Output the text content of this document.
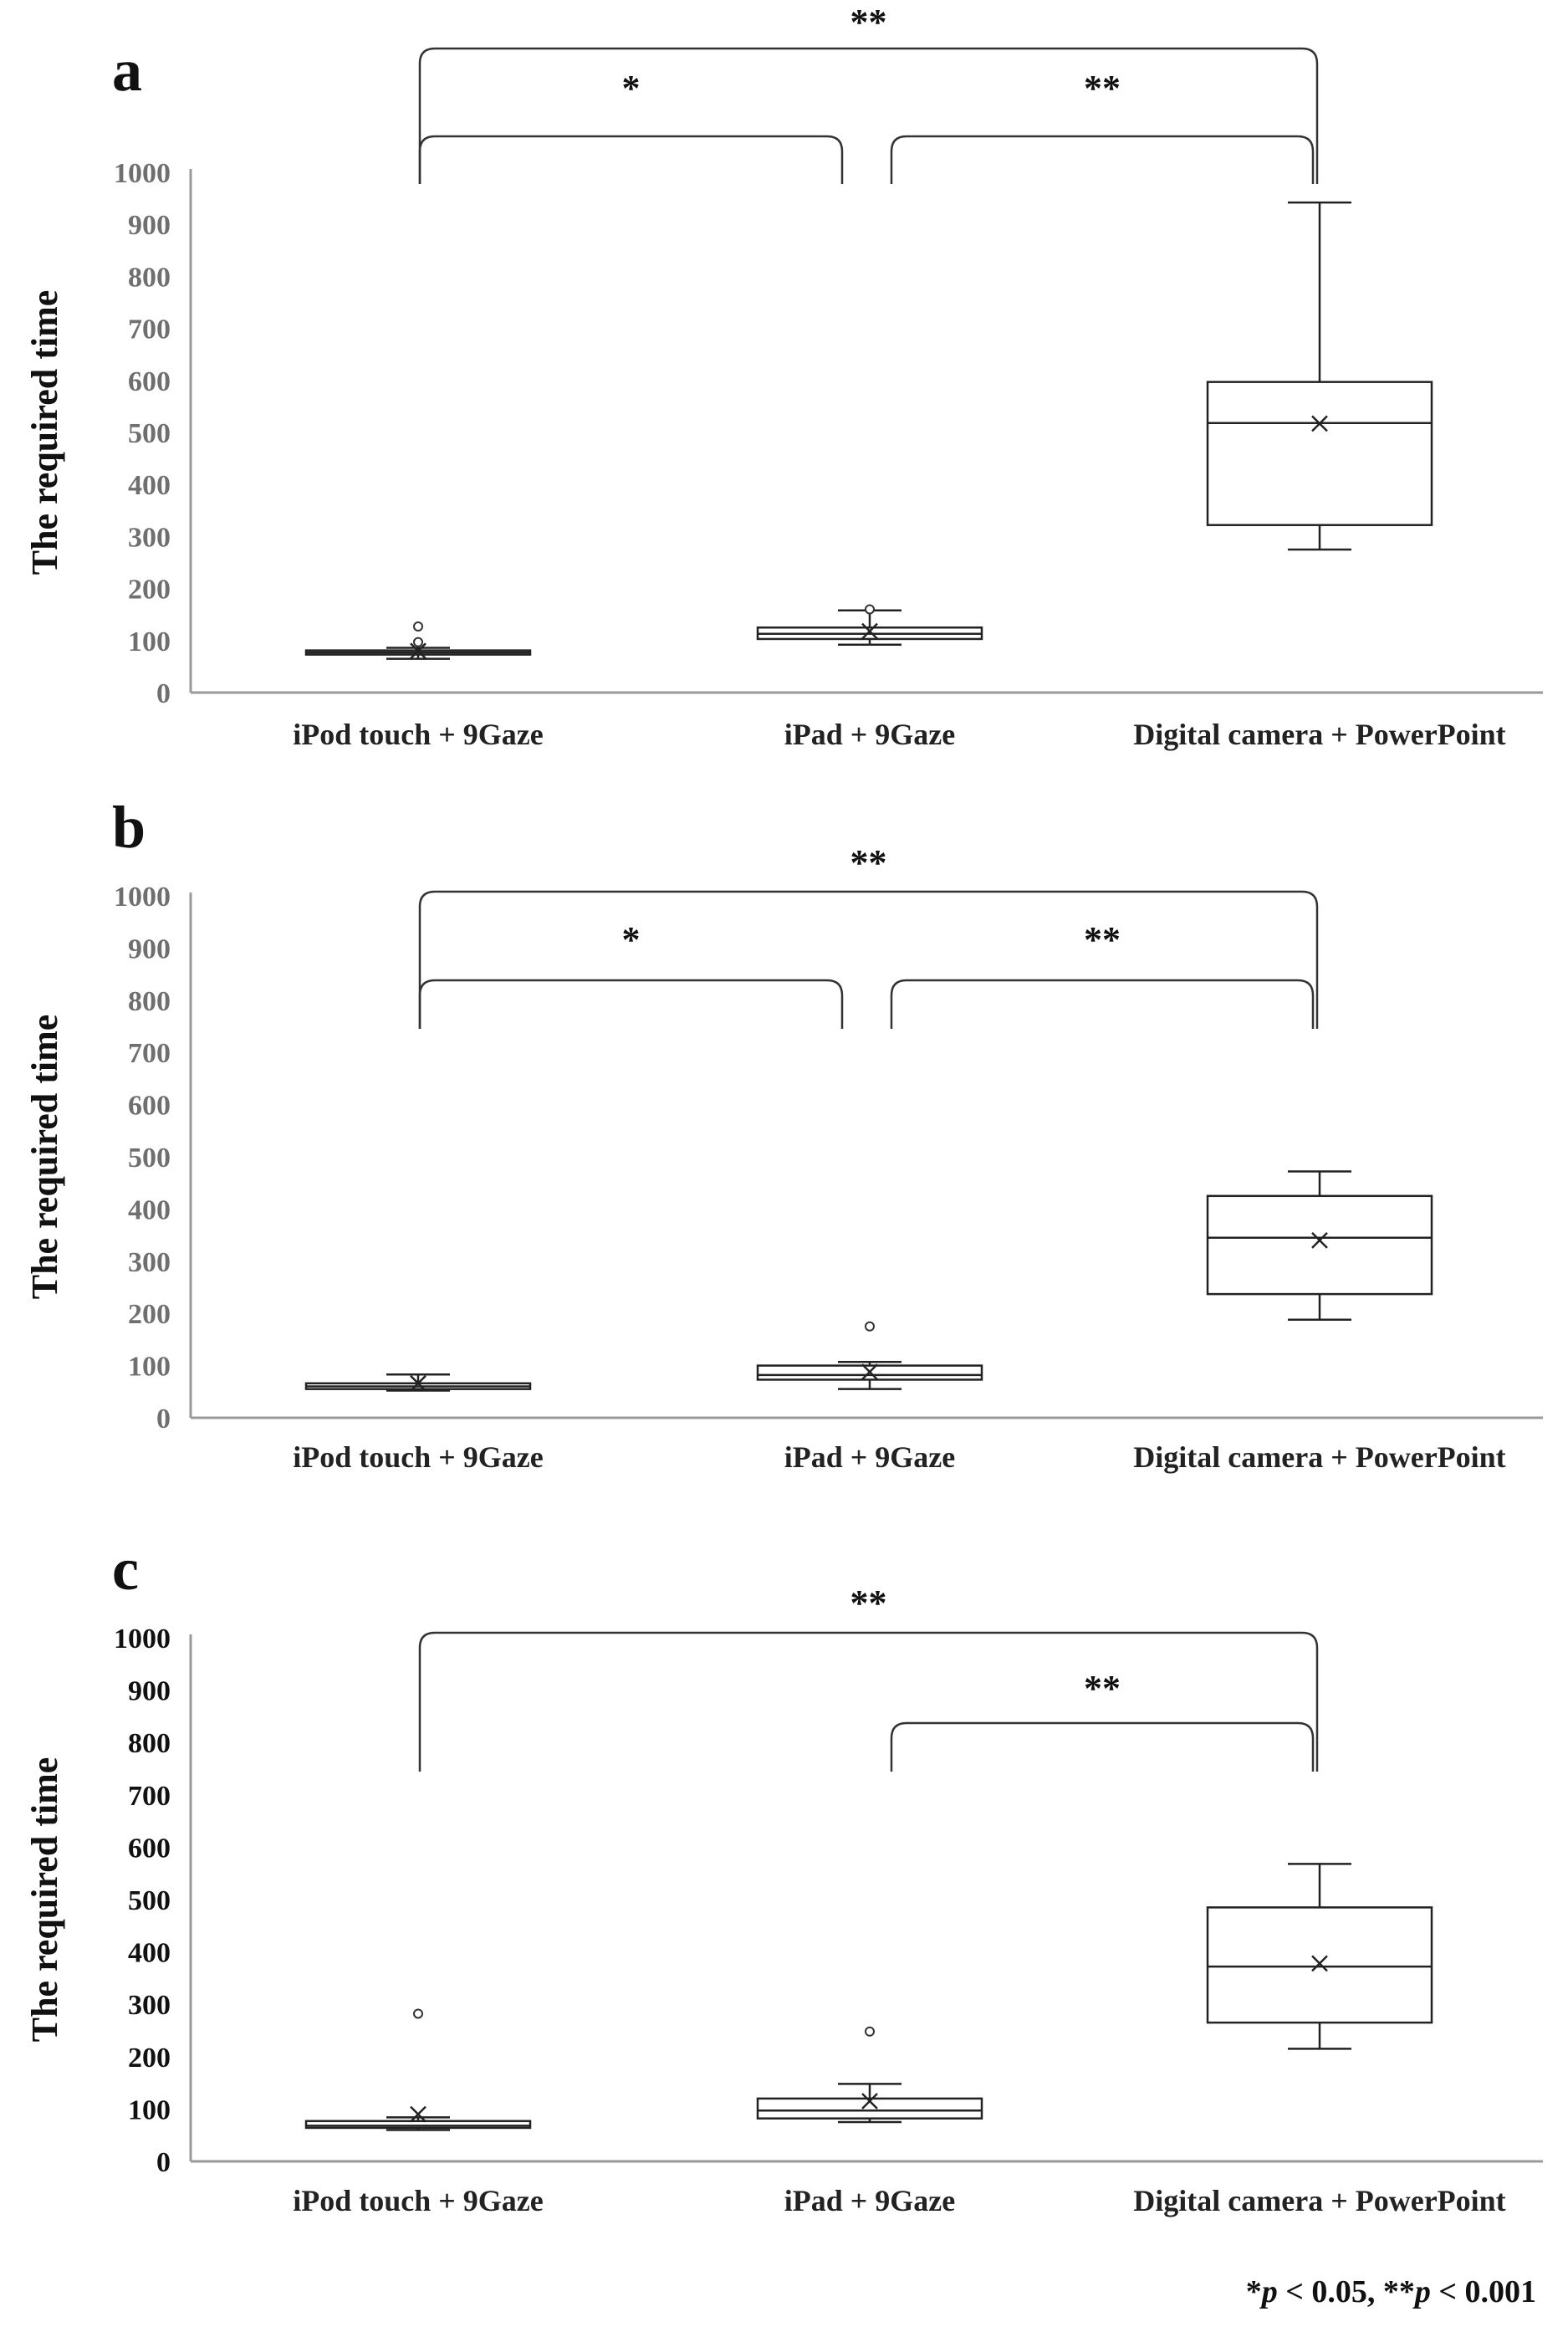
a
The required time
0
100
200
300
400
500
600
700
800
900
1000
iPod touch + 9Gaze	iPad + 9Gaze	Digital camera + PowerPoint
**
*	**
b
The required time
0
100
200
300
400
500
600
700
800
900
1000
iPod touch + 9Gaze	iPad + 9Gaze	Digital camera + PowerPoint
**
*	**
c
The required time
0
100
200
300
400
500
600
700
800
900
1000
iPod touch + 9Gaze	iPad + 9Gaze	Digital camera + PowerPoint
**
**
*p < 0.05, **p < 0.001
